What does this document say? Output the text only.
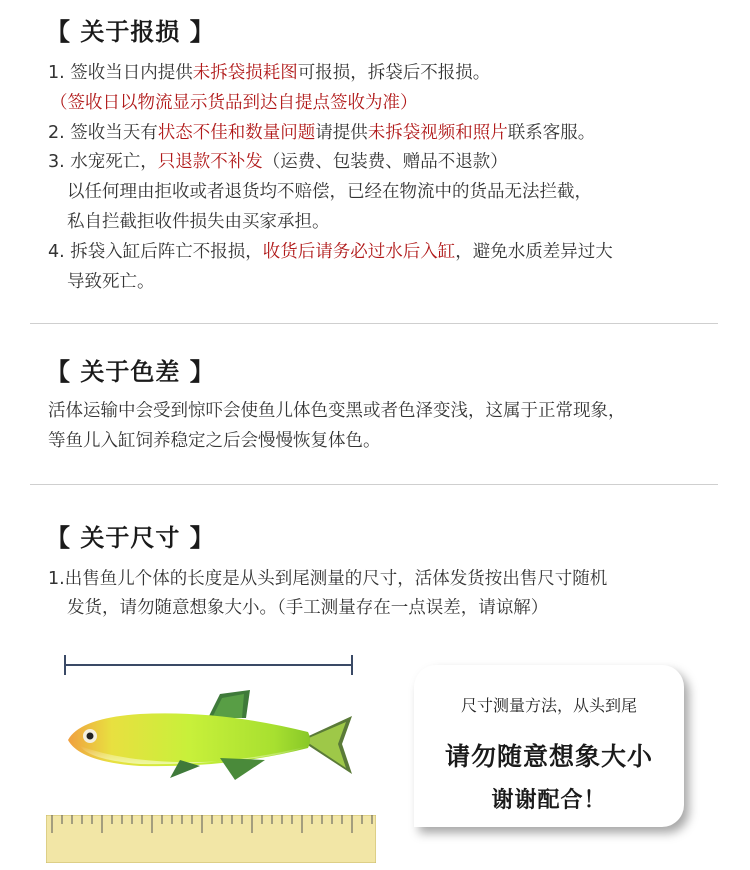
【 关于报损 】
1. 签收当日内提供未拆袋损耗图可报损，拆袋后不报损。
（签收日以物流显示货品到达自提点签收为准）
2. 签收当天有状态不佳和数量问题请提供未拆袋视频和照片联系客服。
3. 水宠死亡，只退款不补发（运费、包装费、赠品不退款）
以任何理由拒收或者退货均不赔偿，已经在物流中的货品无法拦截，
私自拦截拒收件损失由买家承担。
4. 拆袋入缸后阵亡不报损，收货后请务必过水后入缸，避免水质差异过大
导致死亡。
【 关于色差 】
活体运输中会受到惊吓会使鱼儿体色变黑或者色泽变浅，这属于正常现象，
等鱼儿入缸饲养稳定之后会慢慢恢复体色。
【 关于尺寸 】
1.出售鱼儿个体的长度是从头到尾测量的尺寸，活体发货按出售尺寸随机
发货，请勿随意想象大小。（手工测量存在一点误差，请谅解）
尺寸测量方法，从头到尾
请勿随意想象大小
谢谢配合！
